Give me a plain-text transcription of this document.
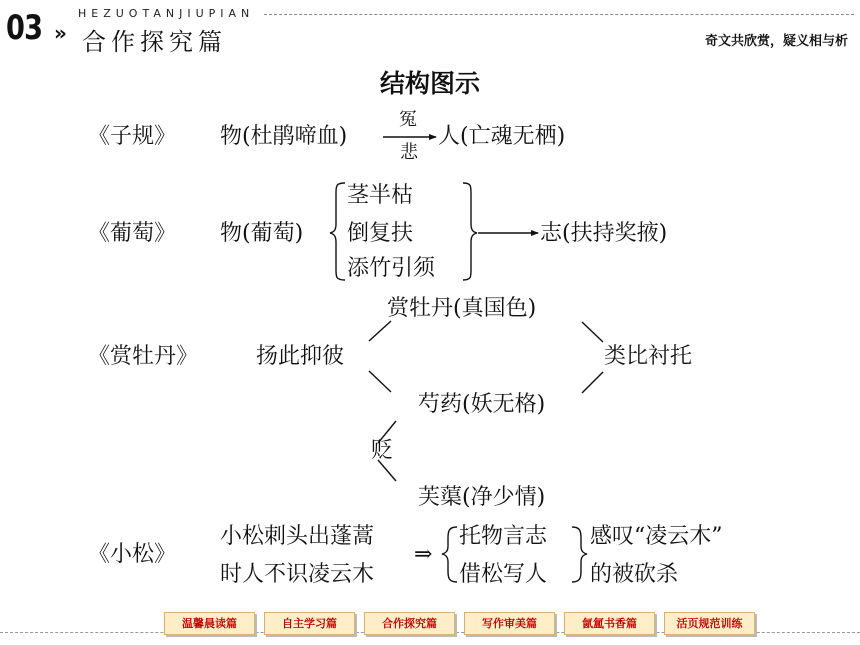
03	HEZUOTANJIUPIAN
» 合作探究篇	奇文共欣赏，疑义相与析
结构图示
《子规》 物(杜鹃啼血)
冤
悲
人(亡魂无栖)
《葡萄》 物(葡萄)
茎半枯
倒复扶
添竹引须
志(扶持奖掖)
《赏牡丹》	扬此抑彼
赏牡丹(真国色)
类比衬托
芍药(妖无格)
贬
芙蕖(净少情)
《小松》
小松刺头出蓬蒿
时人不识凌云木
⇒
托物言志
借松写人
感叹“凌云木”
的被砍杀
温馨晨读篇	自主学习篇	合作探究篇	写作审美篇	氤氲书香篇	活页规范训练
